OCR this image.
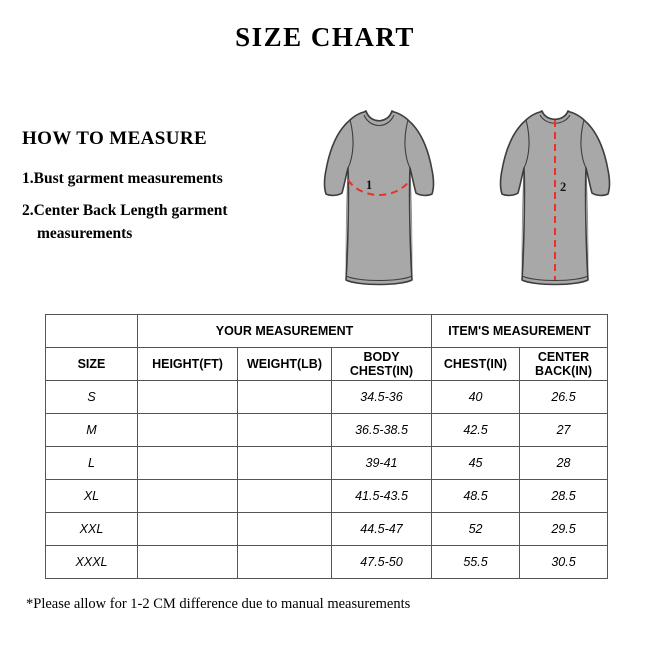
SIZE CHART
HOW TO MEASURE
1.Bust garment measurements
2.Center Back Length garment
measurements
1	2
	YOUR MEASUREMENT			ITEM'S MEASUREMENT	
SIZE	HEIGHT(FT)	WEIGHT(LB)	BODY CHEST(IN)	CHEST(IN)	CENTER BACK(IN)
S			34.5-36	40	26.5
M			36.5-38.5	42.5	27
L			39-41	45	28
XL			41.5-43.5	48.5	28.5
XXL			44.5-47	52	29.5
XXXL			47.5-50	55.5	30.5
*Please allow for 1-2 CM difference due to manual measurements
